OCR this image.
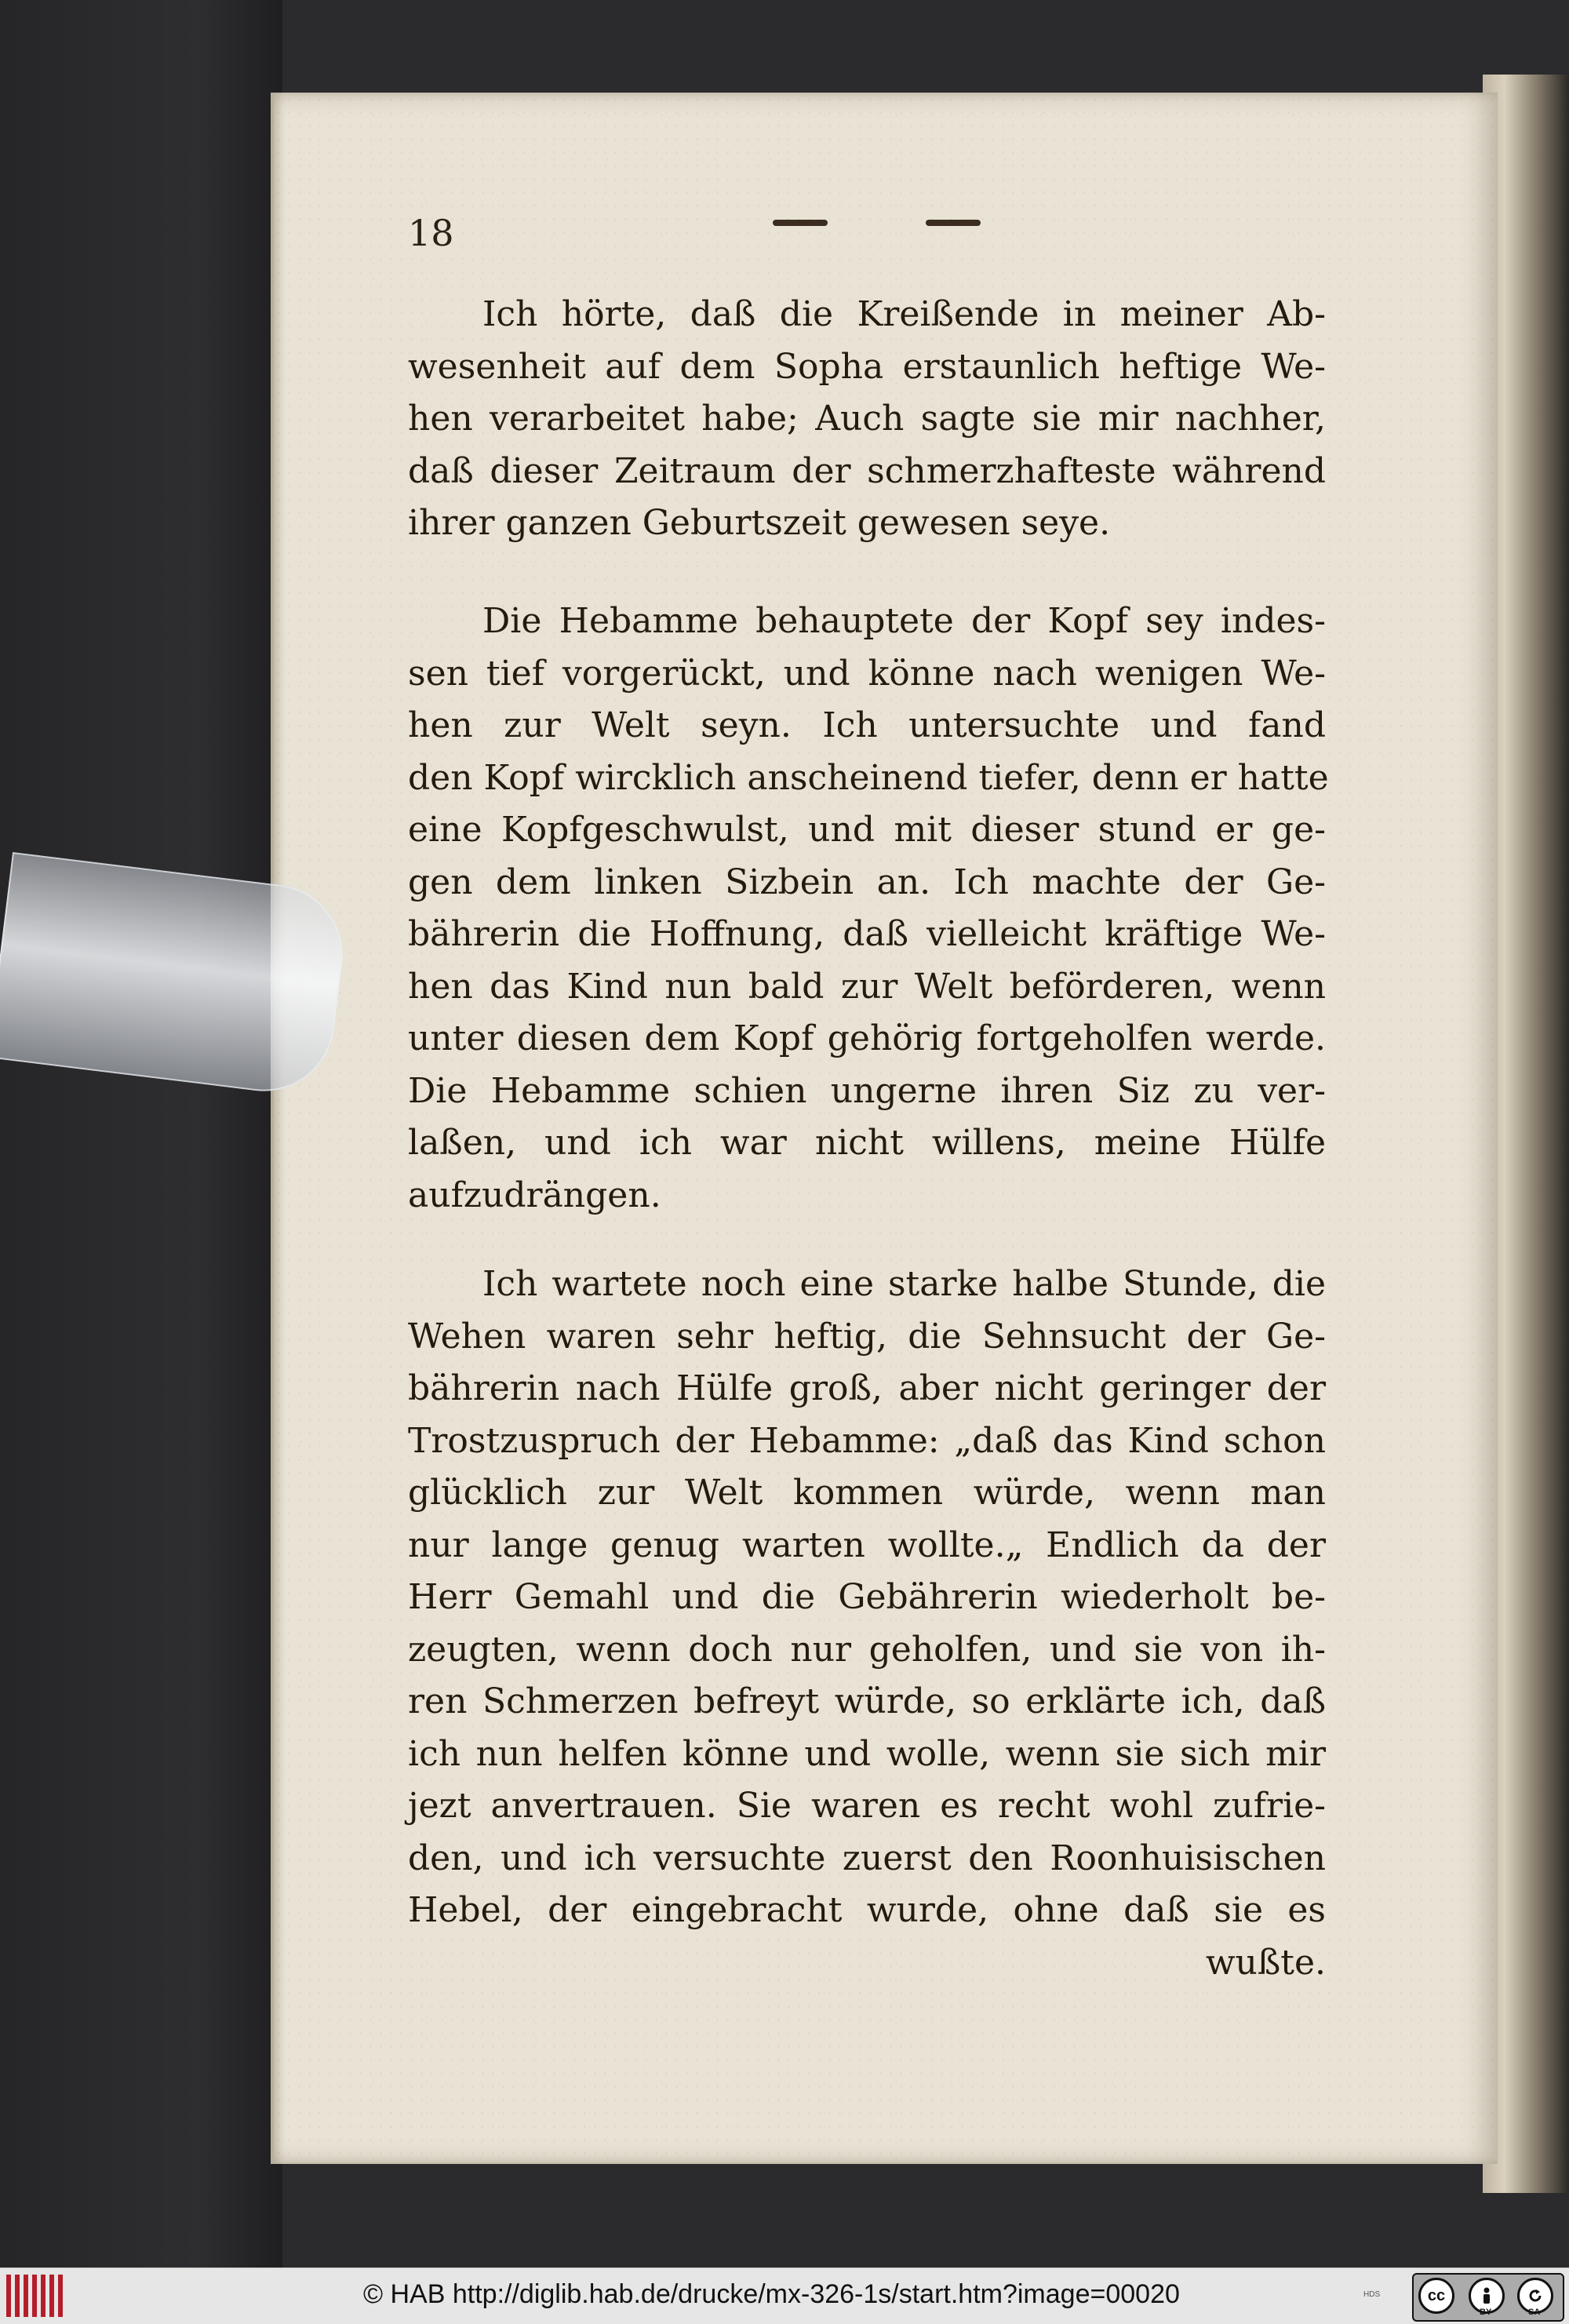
18
Ich hörte, daß die Kreißende in meiner Ab-
wesenheit auf dem Sopha erstaunlich heftige We-
hen verarbeitet habe; Auch sagte sie mir nachher,
daß dieser Zeitraum der schmerzhafteste während
ihrer ganzen Geburtszeit gewesen seye.
Die Hebamme behauptete der Kopf sey indes-
sen tief vorgerückt, und könne nach wenigen We-
hen zur Welt seyn. Ich untersuchte und fand
den Kopf wircklich anscheinend tiefer, denn er hatte
eine Kopfgeschwulst, und mit dieser stund er ge-
gen dem linken Sizbein an. Ich machte der Ge-
bährerin die Hoffnung, daß vielleicht kräftige We-
hen das Kind nun bald zur Welt beförderen, wenn
unter diesen dem Kopf gehörig fortgeholfen werde.
Die Hebamme schien ungerne ihren Siz zu ver-
laßen, und ich war nicht willens, meine Hülfe
aufzudrängen.
Ich wartete noch eine starke halbe Stunde, die
Wehen waren sehr heftig, die Sehnsucht der Ge-
bährerin nach Hülfe groß, aber nicht geringer der
Trostzuspruch der Hebamme: „daß das Kind schon
glücklich zur Welt kommen würde, wenn man
nur lange genug warten wollte.„ Endlich da der
Herr Gemahl und die Gebährerin wiederholt be-
zeugten, wenn doch nur geholfen, und sie von ih-
ren Schmerzen befreyt würde, so erklärte ich, daß
ich nun helfen könne und wolle, wenn sie sich mir
jezt anvertrauen. Sie waren es recht wohl zufrie-
den, und ich versuchte zuerst den Roonhuisischen
Hebel, der eingebracht wurde, ohne daß sie es
wußte.
© HAB http://diglib.hab.de/drucke/mx-326-1s/start.htm?image=00020	HDS	cc
BY	SA
